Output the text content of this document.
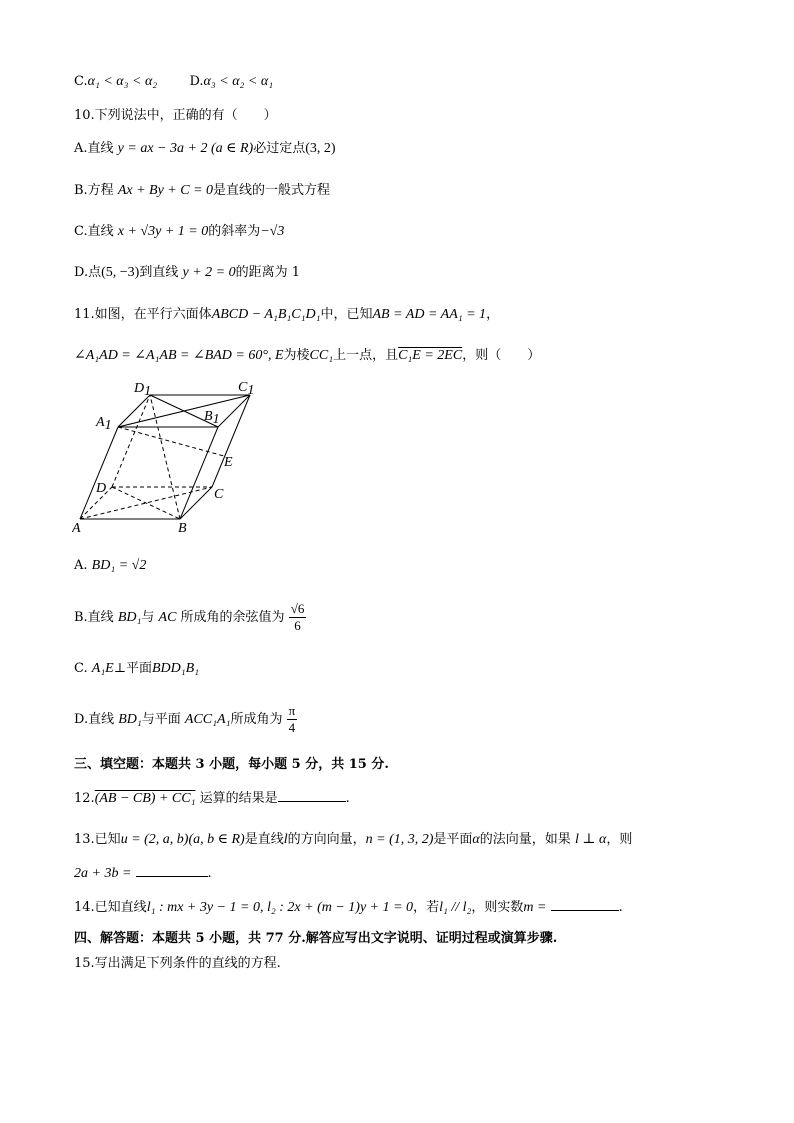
C.α₁ < α₃ < α₂ D.α₃ < α₂ < α₁
10.下列说法中，正确的有（　　）
A.直线 y = ax − 3a + 2 (a ∈ R)必过定点(3, 2)
B.方程 Ax + By + C = 0是直线的一般式方程
C.直线 x + √3y + 1 = 0的斜率为−√3
D.点(5, −3)到直线 y + 2 = 0的距离为 1
11.如图，在平行六面体ABCD − A₁B₁C₁D₁中，已知AB = AD = AA₁ = 1，
∠A₁AD = ∠A₁AB = ∠BAD = 60°, E为棱CC₁上一点，且C₁E = 2EC，则（　　）
D1	C1
A1
B1
E
D	C
A	B
A. BD₁ = √2
B.直线 BD₁与 AC 所成角的余弦值为 $\frac{√6}{6}$
C. A₁E⊥平面BDD₁B₁
D.直线 BD₁与平面 ACC₁A₁所成角为 $\frac{\pi}{4}$
三、填空题：本题共 3 小题，每小题 5 分，共 15 分.
12.(AB − CB) + CC₁ 运算的结果是	.
13.已知u = (2, a, b)(a, b ∈ R)是直线l的方向向量，n = (1, 3, 2)是平面α的法向量，如果 l ⊥ α，则
2a + 3b =	.
14.已知直线l₁ : mx + 3y − 1 = 0, l₂ : 2x + (m − 1)y + 1 = 0，若l₁ // l₂，则实数m =	.
四、解答题：本题共 5 小题，共 77 分.解答应写出文字说明、证明过程或演算步骤.
15.写出满足下列条件的直线的方程.
